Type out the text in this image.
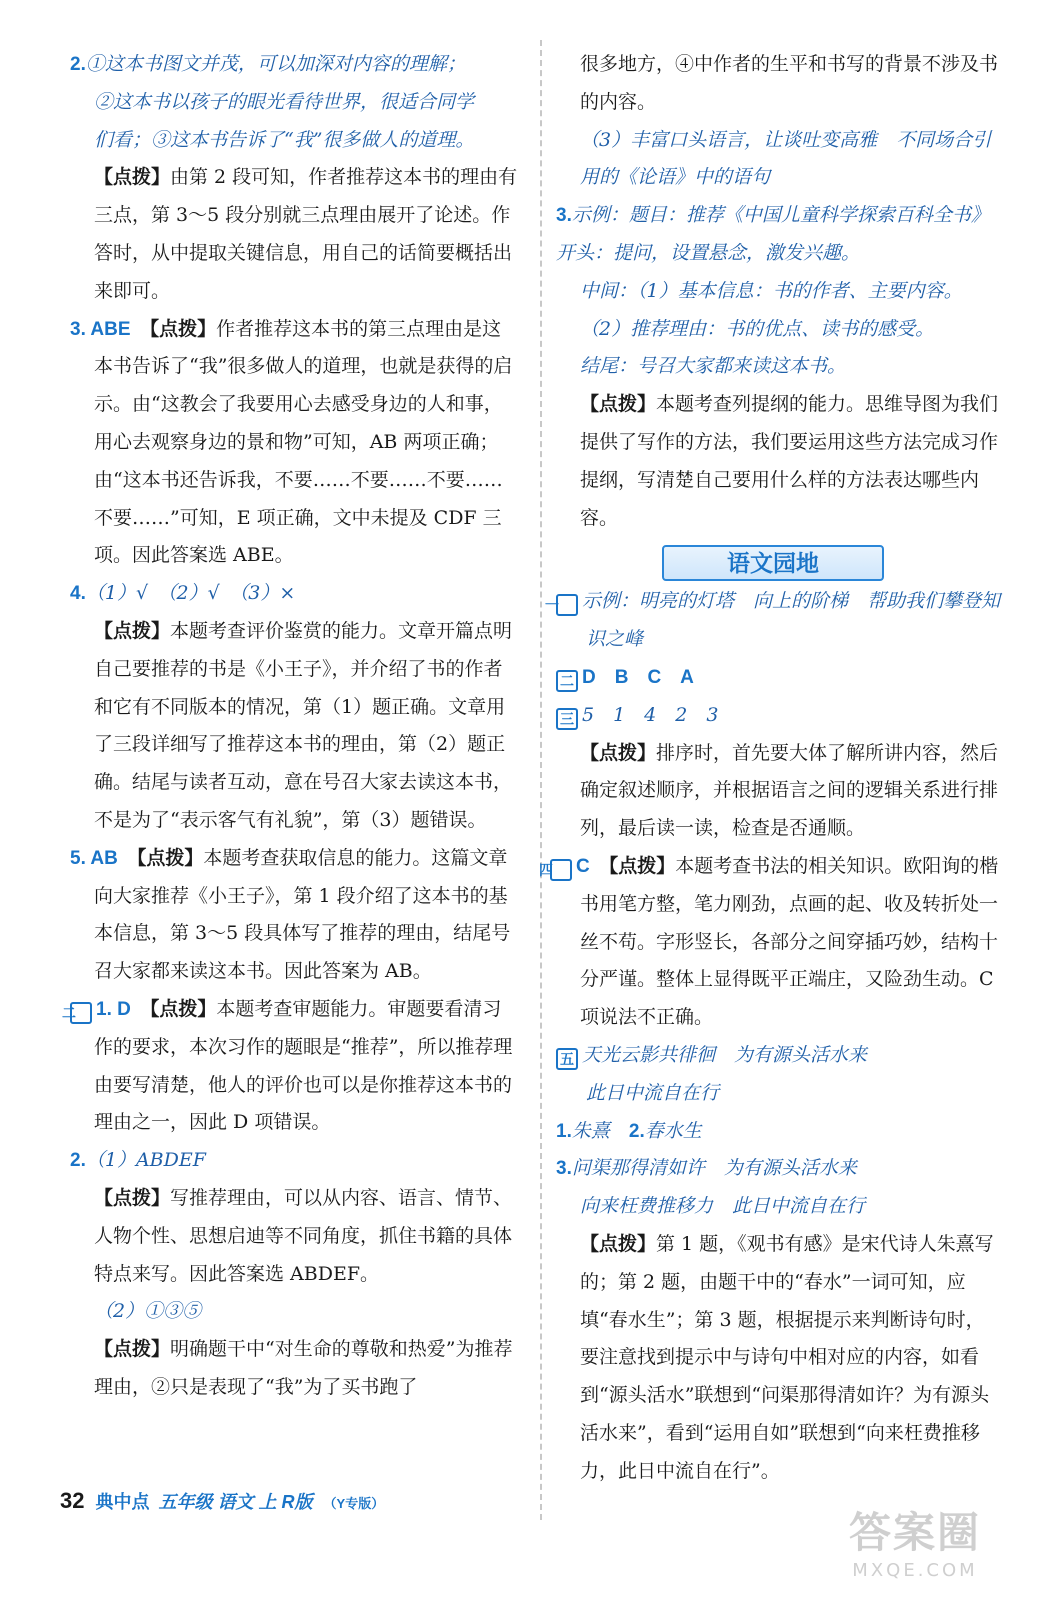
2.①这本书图文并茂，可以加深对内容的理解；
②这本书以孩子的眼光看待世界，很适合同学
们看；③这本书告诉了“我”很多做人的道理。

【点拨】由第 2 段可知，作者推荐这本书的理由有三点，第 3～5 段分别就三点理由展开了论述。作答时，从中提取关键信息，用自己的话简要概括出来即可。

3. ABE　 【点拨】作者推荐这本书的第三点理由是这本书告诉了“我”很多做人的道理，也就是获得的启示。由“这教会了我要用心去感受身边的人和事，用心去观察身边的景和物”可知，AB 两项正确；由“这本书还告诉我，不要……不要……不要……不要……”可知，E 项正确，文中未提及 CDF 三项。因此答案选 ABE。

4.（1）√　（2）√　（3）×

【点拨】本题考查评价鉴赏的能力。文章开篇点明自己要推荐的书是《小王子》，并介绍了书的作者和它有不同版本的情况，第（1）题正确。文章用了三段详细写了推荐这本书的理由，第（2）题正确。结尾与读者互动，意在号召大家去读这本书，不是为了“表示客气有礼貌”，第（3）题错误。

5. AB　 【点拨】本题考查获取信息的能力。这篇文章向大家推荐《小王子》，第 1 段介绍了这本书的基本信息，第 3～5 段具体写了推荐的理由，结尾号召大家都来读这本书。因此答案为 AB。

二 1. D　 【点拨】本题考查审题能力。审题要看清习作的要求，本次习作的题眼是“推荐”，所以推荐理由要写清楚，他人的评价也可以是你推荐这本书的理由之一，因此 D 项错误。

2.（1）ABDEF

【点拨】写推荐理由，可以从内容、语言、情节、人物个性、思想启迪等不同角度，抓住书籍的具体特点来写。因此答案选 ABDEF。

（2）①③⑤

【点拨】明确题干中“对生命的尊敬和热爱”为推荐理由，②只是表现了“我”为了买书跑了

很多地方，④中作者的生平和书写的背景不涉及书的内容。

（3）丰富口头语言，让谈吐变高雅　不同场合引用的《论语》中的语句

3.示例：题目：推荐《中国儿童科学探索百科全书》
开头：提问，设置悬念，激发兴趣。

中间：（1）基本信息：书的作者、主要内容。
（2）推荐理由：书的优点、读书的感受。
结尾：号召大家都来读这本书。

【点拨】本题考查列提纲的能力。思维导图为我们提供了写作的方法，我们要运用这些方法完成习作提纲，写清楚自己要用什么样的方法表达哪些内容。

语文园地

一 示例：明亮的灯塔　向上的阶梯　帮助我们攀登知识之峰

二 D　B　C　A

三 5　1　4　2　3

【点拨】排序时，首先要大体了解所讲内容，然后确定叙述顺序，并根据语言之间的逻辑关系进行排列，最后读一读，检查是否通顺。

四 C　 【点拨】本题考查书法的相关知识。欧阳询的楷书用笔方整，笔力刚劲，点画的起、收及转折处一丝不苟。字形竖长，各部分之间穿插巧妙，结构十分严谨。整体上显得既平正端庄，又险劲生动。C 项说法不正确。

五 天光云影共徘徊　为有源头活水来

此日中流自在行

1.朱熹　 2.春水生

3.问渠那得清如许　为有源头活水来
向来枉费推移力　此日中流自在行

【点拨】第 1 题，《观书有感》是宋代诗人朱熹写的；第 2 题，由题干中的“春水”一词可知，应填“春水生”；第 3 题，根据提示来判断诗句时，要注意找到提示中与诗句中相对应的内容，如看到“源头活水”联想到“问渠那得清如许？为有源头活水来”，看到“运用自如”联想到“向来枉费推移力，此日中流自在行”。

32 典中点 五年级 语文 上 R版 （Y专版）
答案圈
MXQE.COM
